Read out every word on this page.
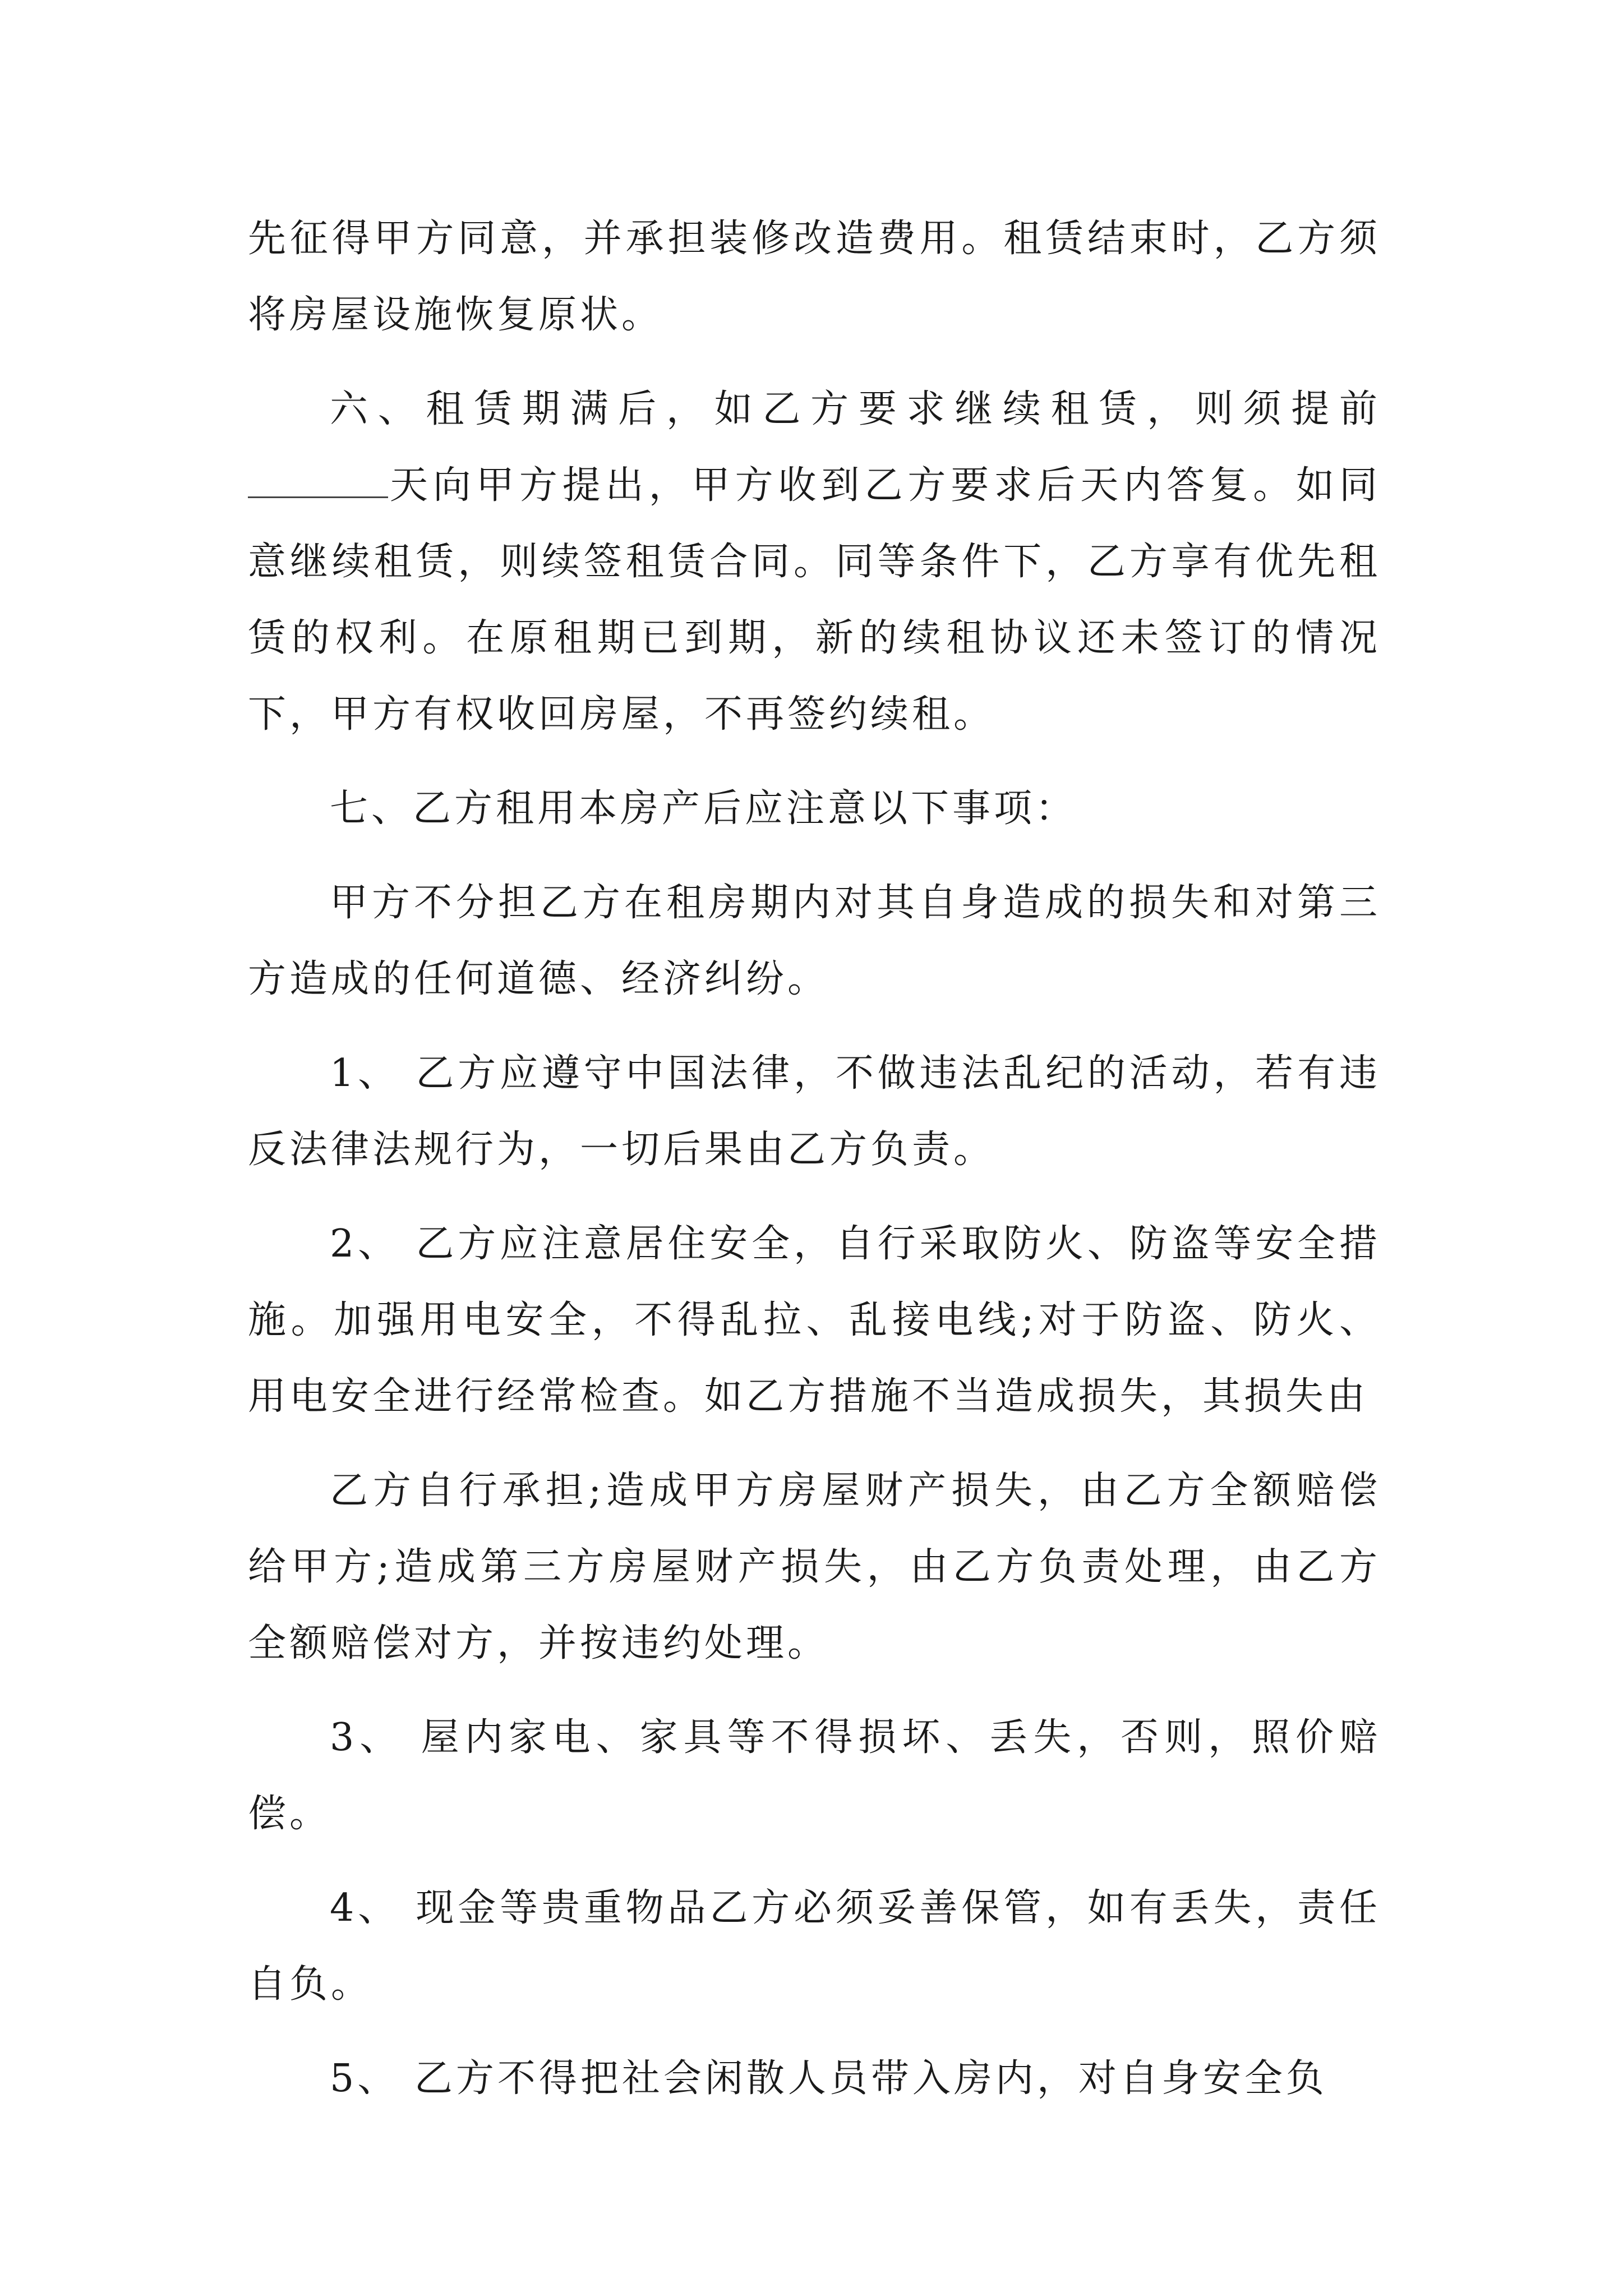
先征得甲方同意，并承担装修改造费用。租赁结束时，乙方须将房屋设施恢复原状。

六、租赁期满后，如乙方要求继续租赁，则须提前天向甲方提出，甲方收到乙方要求后天内答复。如同意继续租赁，则续签租赁合同。同等条件下，乙方享有优先租赁的权利。在原租期已到期，新的续租协议还未签订的情况下，甲方有权收回房屋，不再签约续租。

七、乙方租用本房产后应注意以下事项：

甲方不分担乙方在租房期内对其自身造成的损失和对第三方造成的任何道德、经济纠纷。

1、 乙方应遵守中国法律，不做违法乱纪的活动，若有违反法律法规行为，一切后果由乙方负责。

2、 乙方应注意居住安全，自行采取防火、防盗等安全措施。加强用电安全，不得乱拉、乱接电线;对于防盗、防火、用电安全进行经常检查。如乙方措施不当造成损失，其损失由

乙方自行承担;造成甲方房屋财产损失，由乙方全额赔偿给甲方;造成第三方房屋财产损失，由乙方负责处理，由乙方全额赔偿对方，并按违约处理。

3、 屋内家电、家具等不得损坏、丢失，否则，照价赔偿。

4、 现金等贵重物品乙方必须妥善保管，如有丢失，责任自负。

5、 乙方不得把社会闲散人员带入房内，对自身安全负
